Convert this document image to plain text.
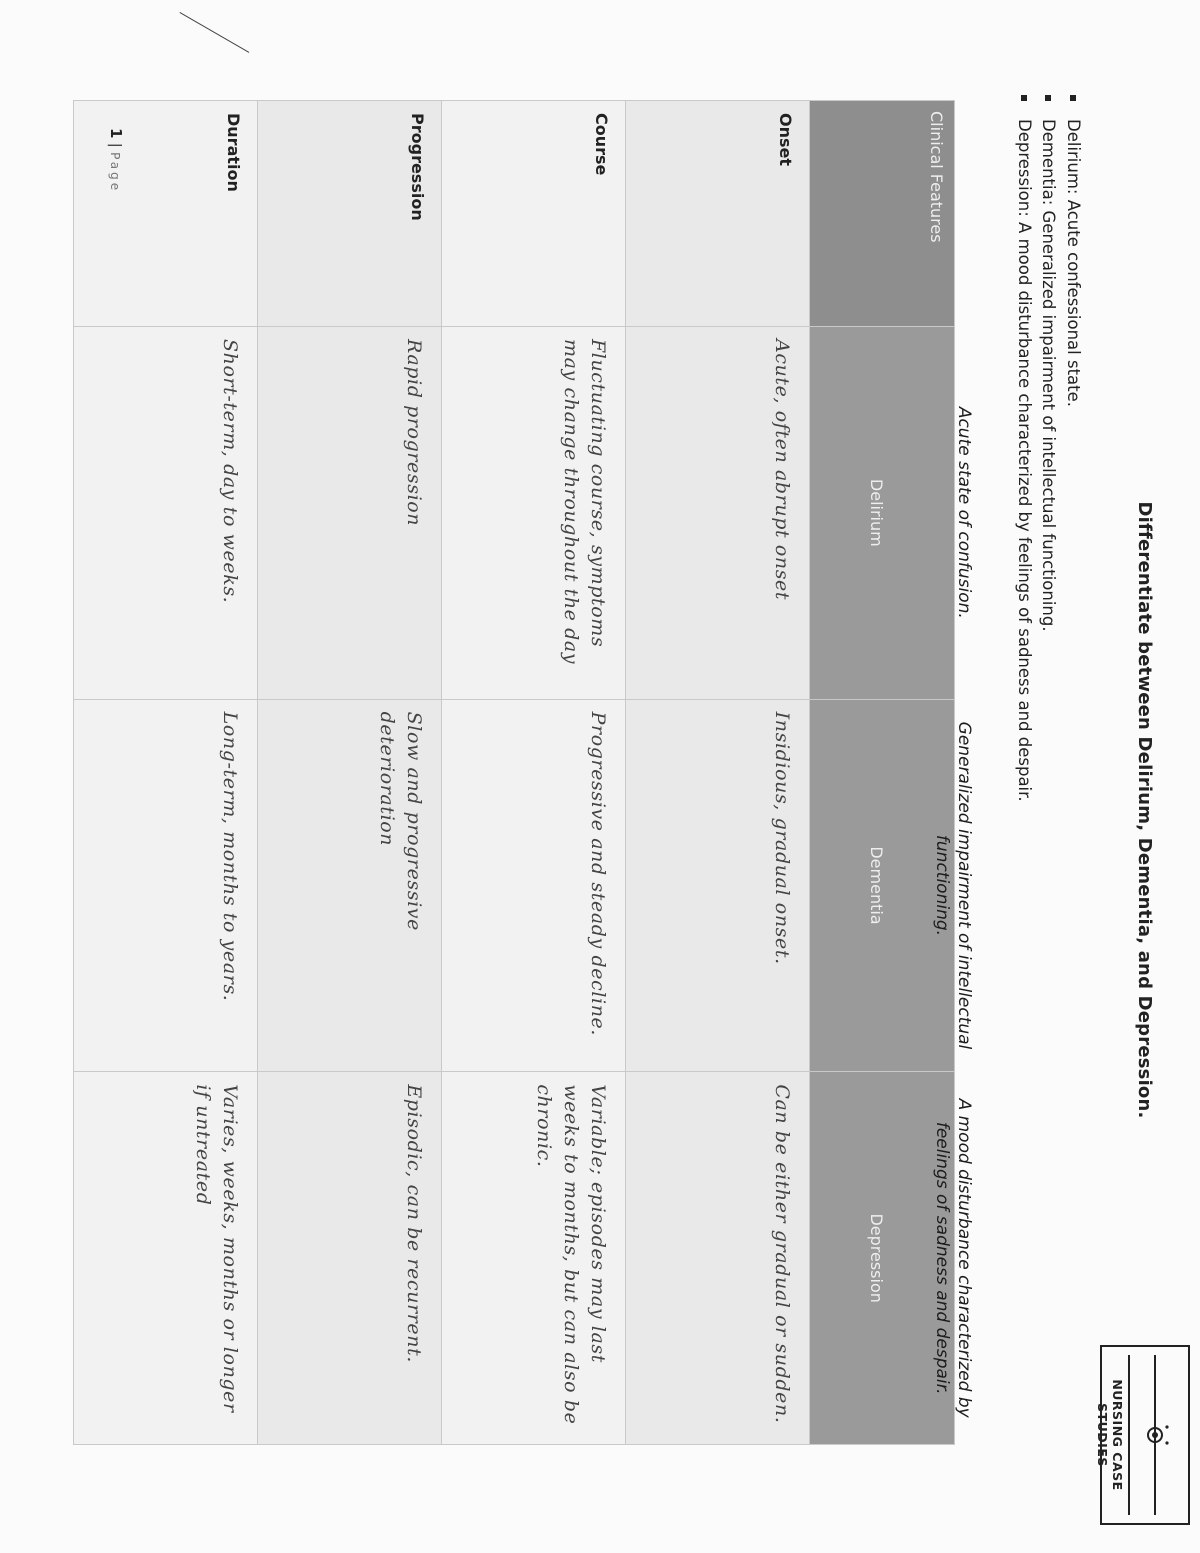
NURSING CASE STUDIES
Differentiate between Delirium, Dementia, and Depression.
Delirium: Acute confessional state.
Dementia: Generalized impairment of intellectual functioning.
Depression: A mood disturbance characterized by feelings of sadness and despair.
Clinical Features	Delirium Acute state of confusion.	Dementia Generalized impairment of intellectual functioning.	Depression A mood disturbance characterized by feelings of sadness and despair.

Onset	Acute, often abrupt onset	Insidious, gradual onset.	Can be either gradual or sudden.
Course	Fluctuating course, symptoms may change throughout the day	Progressive and steady decline.	Variable; episodes may last weeks to months, but can also be chronic.
Progression	Rapid progression	Slow and progressive deterioration	Episodic, can be recurrent.
Duration	Short-term, day to weeks.	Long-term, months to years.	Varies, weeks, months or longer if untreated
1 | Page
